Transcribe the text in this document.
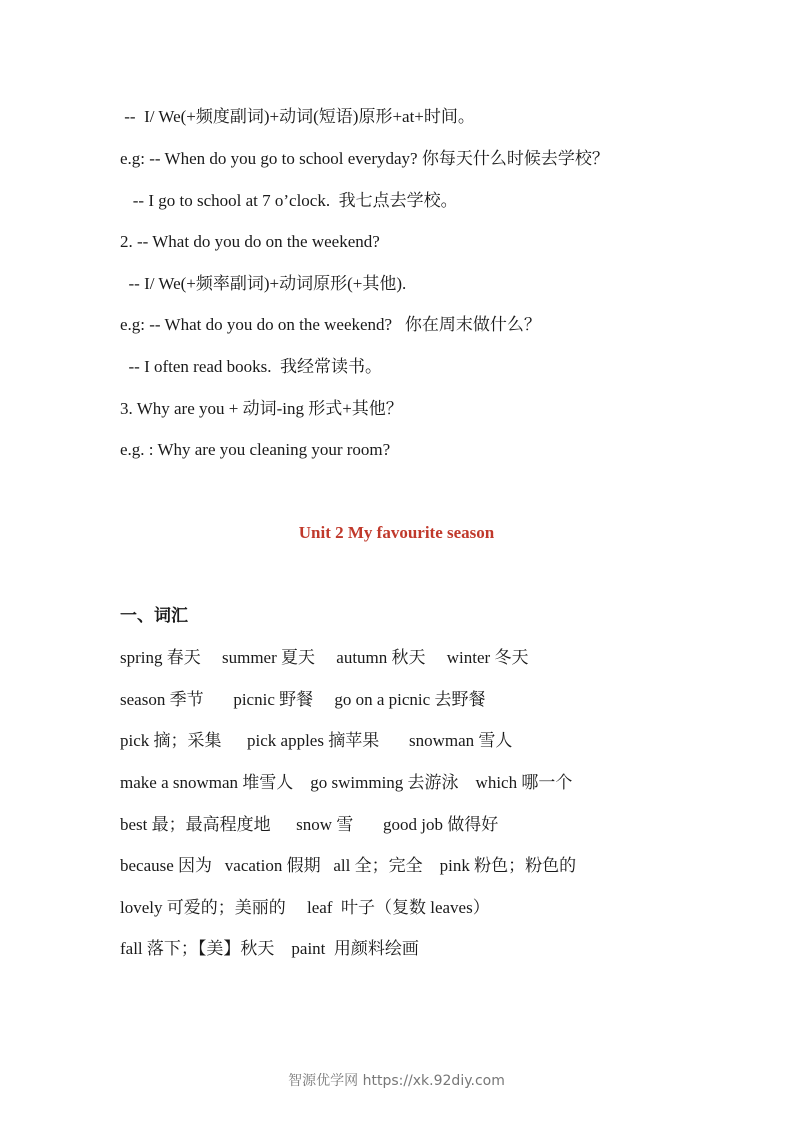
--  I/ We(+频度副词)+动词(短语)原形+at+时间。
e.g: -- When do you go to school everyday? 你每天什么时候去学校？
-- I go to school at 7 o’clock.  我七点去学校。
2. -- What do you do on the weekend?
-- I/ We(+频率副词)+动词原形(+其他).
e.g: -- What do you do on the weekend?   你在周末做什么？
-- I often read books.  我经常读书。
3. Why are you + 动词-ing 形式+其他？
e.g. : Why are you cleaning your room?
Unit 2 My favourite season
一、词汇
spring 春天     summer 夏天     autumn 秋天     winter 冬天
season 季节       picnic 野餐     go on a picnic 去野餐
pick 摘；采集      pick apples 摘苹果       snowman 雪人
make a snowman 堆雪人    go swimming 去游泳    which 哪一个
best 最；最高程度地      snow 雪       good job 做得好
because 因为   vacation 假期   all 全；完全    pink 粉色；粉色的
lovely 可爱的；美丽的     leaf  叶子（复数 leaves）
fall 落下；【美】秋天    paint  用颜料绘画
智源优学网 https://xk.92diy.com
